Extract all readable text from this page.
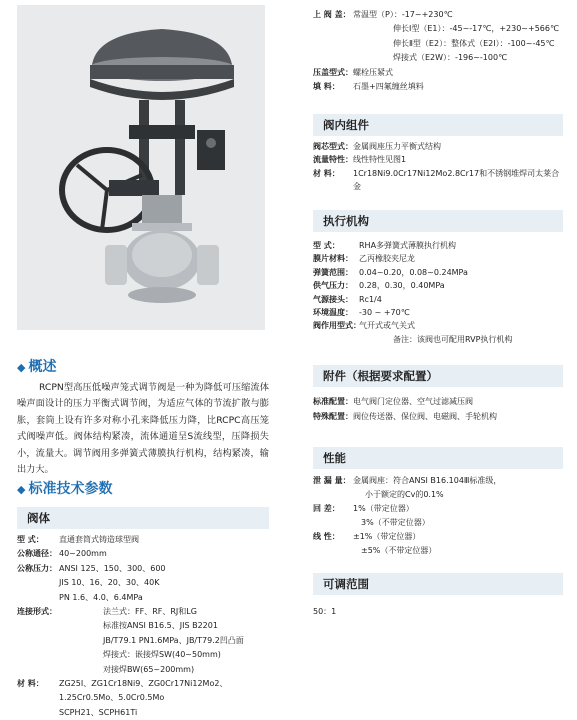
◆ 概述
RCPN型高压低噪声笼式调节阀是一种为降低可压缩流体噪声面设计的压力平衡式调节阀，为适应气体的节流扩散与膨胀，套筒上设有许多对称小孔来降低压力降，比RCPC高压笼式阀噪声低。阀体结构紧凑，流体通道呈S流线型，压降损失小，流量大。调节阀用多弹簧式薄膜执行机构，结构紧凑，输出力大。
◆ 标准技术参数
阀体
型 式：	直通套筒式铸造球型阀
公称通径： 40~200mm
公称压力： ANSI 125、150、300、600
JIS 10、16、20、30、40K
PN 1.6、4.0、6.4MPa
连接形式：	法兰式：FF、RF、RJ和LG
标准按ANSI B16.5、JIS B2201
JB/T79.1 PN1.6MPa、JB/T79.2凹凸面
焊接式：嵌接焊SW(40~50mm)
对接焊BW(65~200mm)
材 料：	ZG25I、ZG1Cr18Ni9、ZG0Cr17Ni12Mo2、
1.25Cr0.5Mo、5.0Cr0.5Mo
SCPH21、SCPH61Ti
上 阀 盖： 常温型（P）：-17~+230℃
伸长Ⅰ型（E1）：-45~-17℃，+230~+566℃
伸长Ⅱ型（E2）：整体式（E2I）：-100~-45℃
焊接式（E2W）：-196~-100℃
压盖型式： 螺栓压紧式
填 料：	石墨+四氟缠丝填料
阀内组件
阀芯型式： 金属阀座压力平衡式结构
流量特性： 线性特性见图1
材 料：	1Cr18Ni9.0Cr17Ni12Mo2.8Cr17和不锈钢堆焊司太莱合
金
执行机构
型 式：	RHA多弹簧式薄膜执行机构
膜片材料： 乙丙橡胶夹尼龙
弹簧范围： 0.04~0.20，0.08~0.24MPa
供气压力： 0.28，0.30，0.40MPa
气源接头： Rc1/4
环境温度： -30 ~ +70℃
阀作用型式：
气开式或气关式
备注：该阀也可配用RVP执行机构
附件（根据要求配置）
标准配置： 电气阀门定位器、空气过滤减压阀
特殊配置： 阀位传送器、保位阀、电磁阀、手轮机构
性能
泄 漏 量： 金属阀座：符合ANSI B16.104Ⅲ标准级，
小于额定的Cv的0.1%
回 差：	1%（带定位器）
3%（不带定位器）
线 性：	±1%（带定位器）
±5%（不带定位器）
可调范围
50：1
